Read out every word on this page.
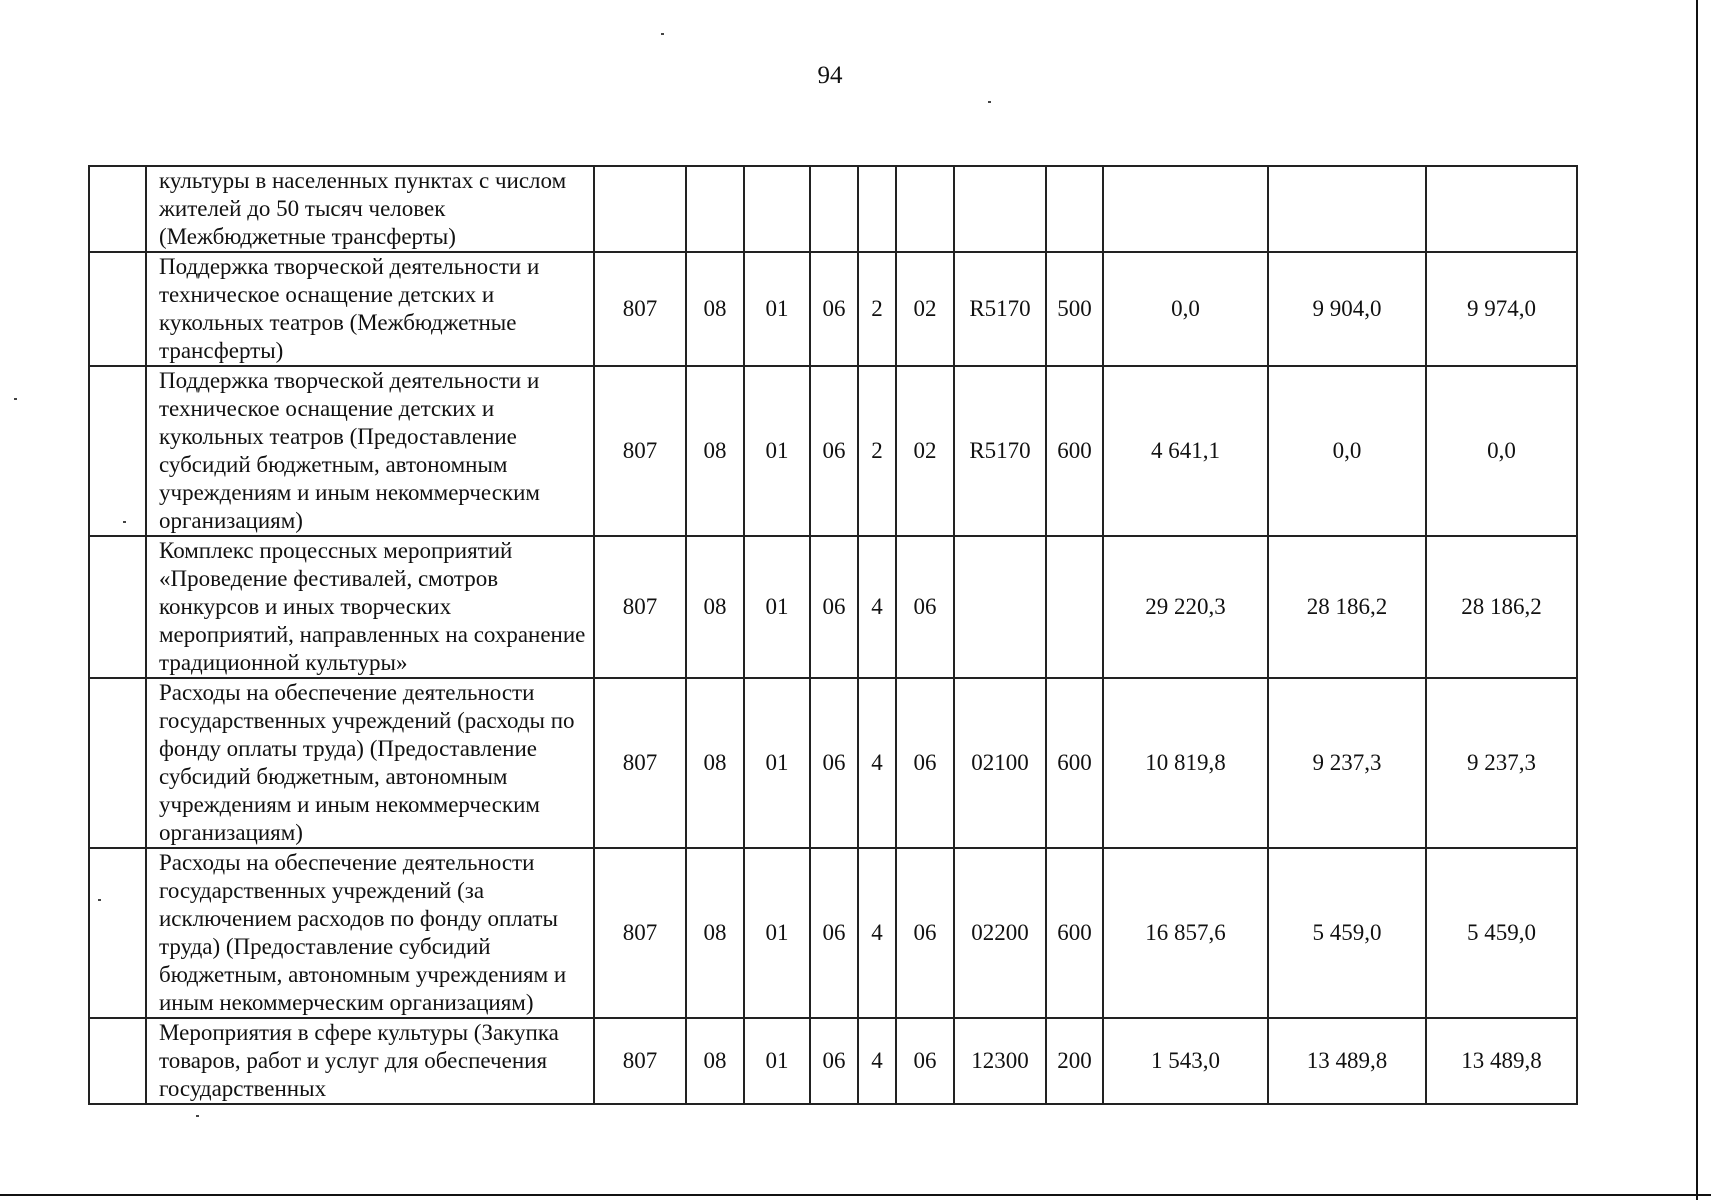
94
	культуры в населенных пунктах с числом жителей до 50 тысяч человек (Межбюджетные трансферты)											
	Поддержка творческой деятельности и техническое оснащение детских и кукольных театров (Межбюджетные трансферты)	807	08	01	06	2	02	R5170	500	0,0	9 904,0	9 974,0
	Поддержка творческой деятельности и техническое оснащение детских и кукольных театров (Предоставление субсидий бюджетным, автономным учреждениям и иным некоммерческим организациям)	807	08	01	06	2	02	R5170	600	4 641,1	0,0	0,0
	Комплекс процессных мероприятий «Проведение фестивалей, смотров конкурсов и иных творческих мероприятий, направленных на сохранение традиционной культуры»	807	08	01	06	4	06			29 220,3	28 186,2	28 186,2
	Расходы на обеспечение деятельности государственных учреждений (расходы по фонду оплаты труда) (Предоставление субсидий бюджетным, автономным учреждениям и иным некоммерческим организациям)	807	08	01	06	4	06	02100	600	10 819,8	9 237,3	9 237,3
	Расходы на обеспечение деятельности государственных учреждений (за исключением расходов по фонду оплаты труда) (Предоставление субсидий бюджетным, автономным учреждениям и иным некоммерческим организациям)	807	08	01	06	4	06	02200	600	16 857,6	5 459,0	5 459,0
	Мероприятия в сфере культуры (Закупка товаров, работ и услуг для обеспечения государственных	807	08	01	06	4	06	12300	200	1 543,0	13 489,8	13 489,8
